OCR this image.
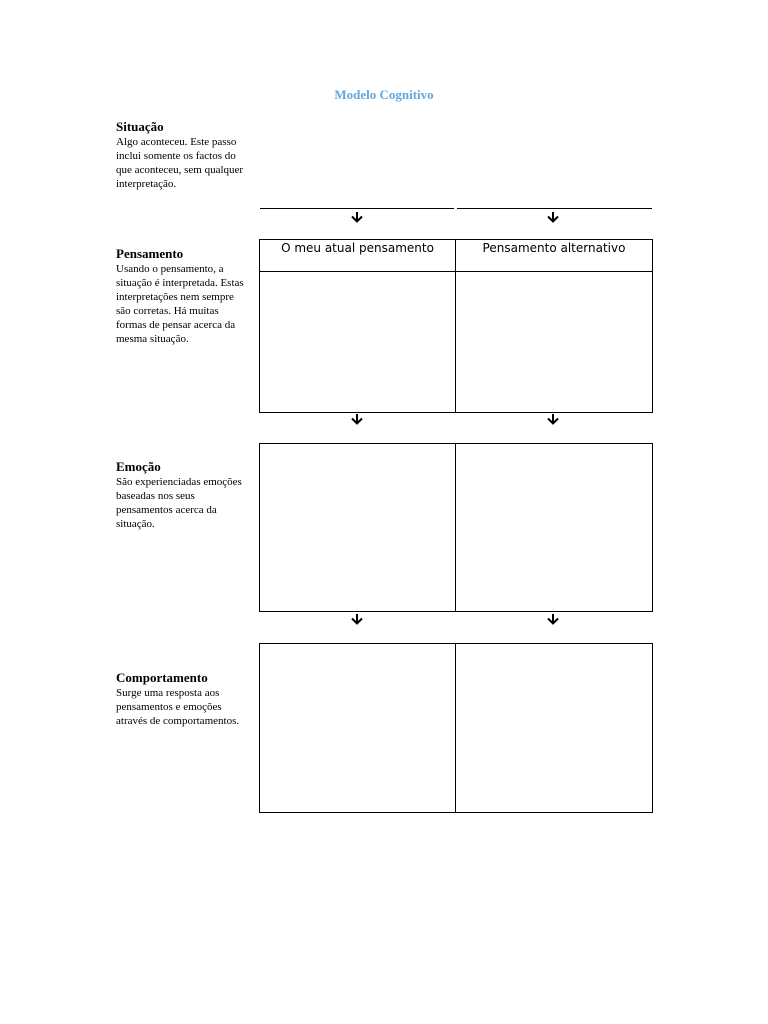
Modelo Cognitivo
Situação

Algo aconteceu. Este passo inclui somente os factos do que aconteceu, sem qualquer interpretação.

Pensamento

Usando o pensamento, a situação é interpretada. Estas interpretações nem sempre são corretas. Há muitas formas de pensar acerca da mesma situação.

Emoção

São experienciadas emoções baseadas nos seus pensamentos acerca da situação.

Comportamento

Surge uma resposta aos pensamentos e emoções através de comportamentos.

O meu atual pensamento	Pensamento alternativo
